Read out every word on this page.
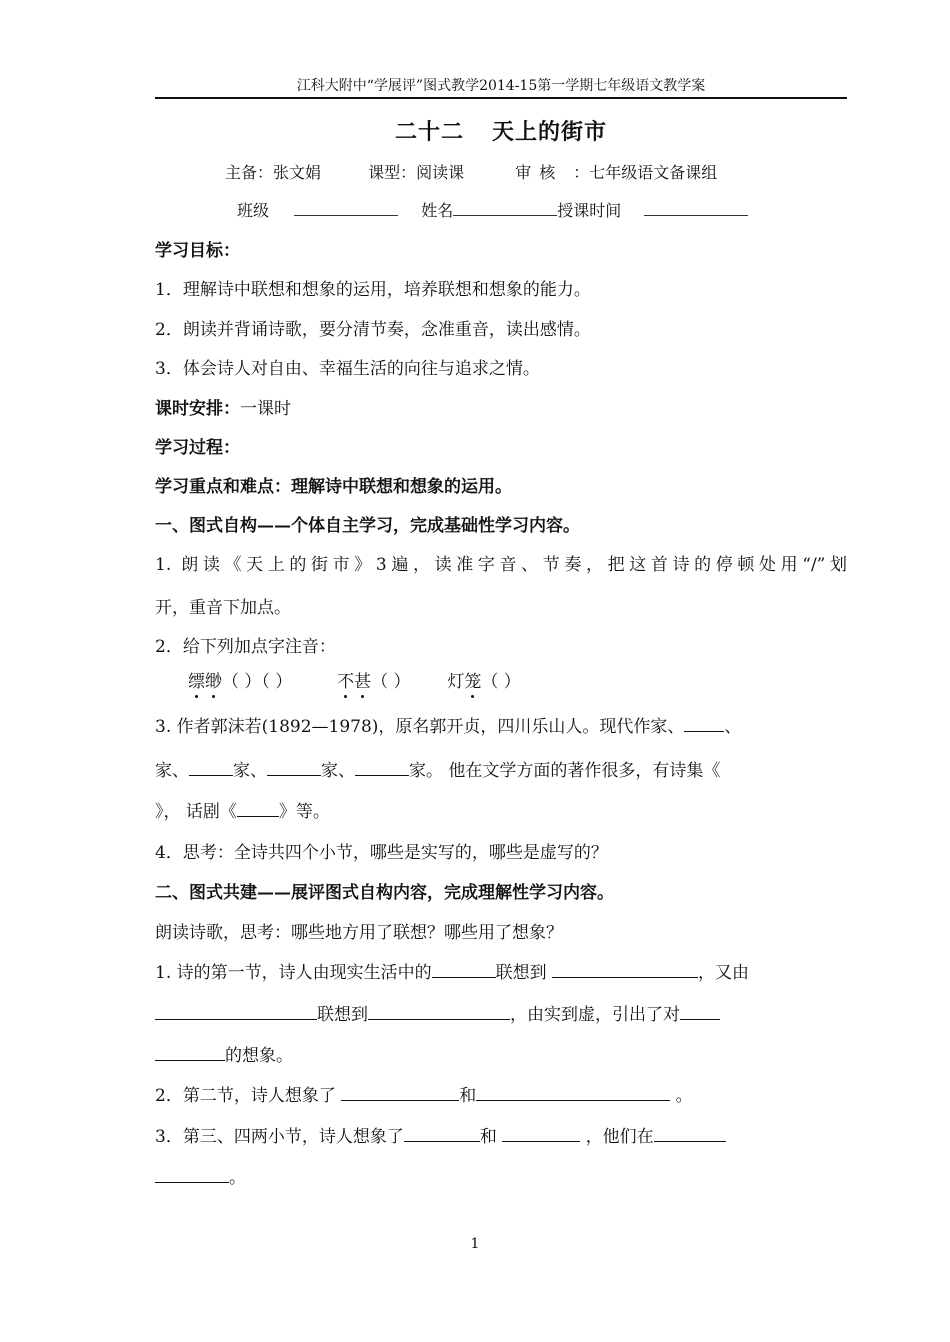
江科大附中“学展评”图式教学2014-15第一学期七年级语文教学案
二十二 天上的街市
主备：张文娟	课型：阅读课	审核 ：七年级语文备课组
班级	姓名	授课时间
学习目标：
1．理解诗中联想和想象的运用，培养联想和想象的能力。
2．朗读并背诵诗歌，要分清节奏，念准重音，读出感情。
3．体会诗人对自由、幸福生活的向往与追求之情。
课时安排：一课时
学习过程：
学习重点和难点：理解诗中联想和想象的运用。
一、图式自构——个体自主学习，完成基础性学习内容。
1. 朗读《天上的街市》3遍，读准字音、节奏，把这首诗的停顿处用“/”划
开，重音下加点。
2．给下列加点字注音：
缥缈（ ）（ ）	不甚（ ） 灯笼（ ）
3. 作者郭沫若(1892—1978)，原名郭开贞，四川乐山人。现代作家、 、
家、	家、	家、	家。 他在文学方面的著作很多，有诗集《
》， 话剧《 》等。
4．思考：全诗共四个小节，哪些是实写的，哪些是虚写的？
二、图式共建——展评图式自构内容，完成理解性学习内容。
朗读诗歌，思考：哪些地方用了联想？哪些用了想象？
1. 诗的第一节，诗人由现实生活中的	联想到	，又由
联想到	，由实到虚，引出了对
的想象。
2．第二节，诗人想象了	和	。
3．第三、四两小节，诗人想象了	和	，他们在
。
1
